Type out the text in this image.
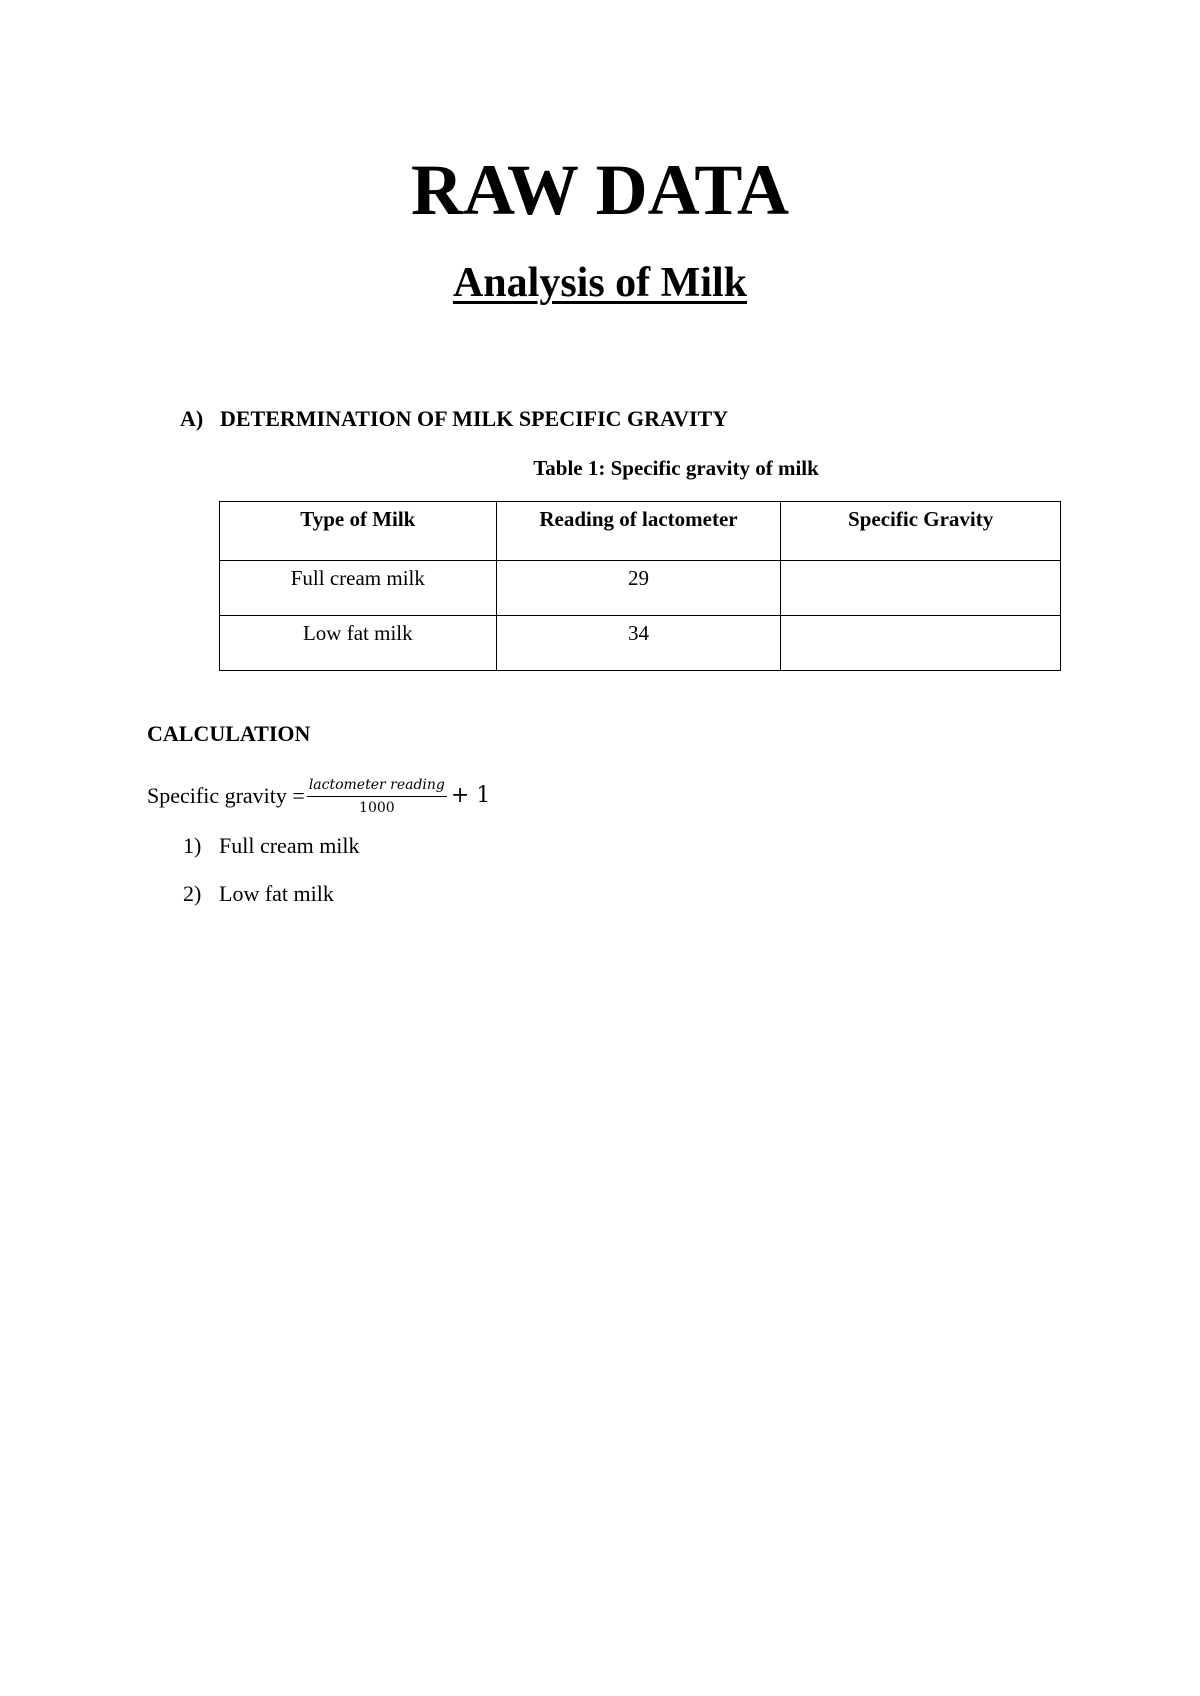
RAW DATA
Analysis of Milk
A) DETERMINATION OF MILK SPECIFIC GRAVITY
Table 1: Specific gravity of milk
Type of Milk	Reading of lactometer	Specific Gravity
Full cream milk	29	
Low fat milk	34	
CALCULATION
Specific gravity = $\frac{\text{lactometer reading}}{1000} + 1$
1) Full cream milk
2) Low fat milk
